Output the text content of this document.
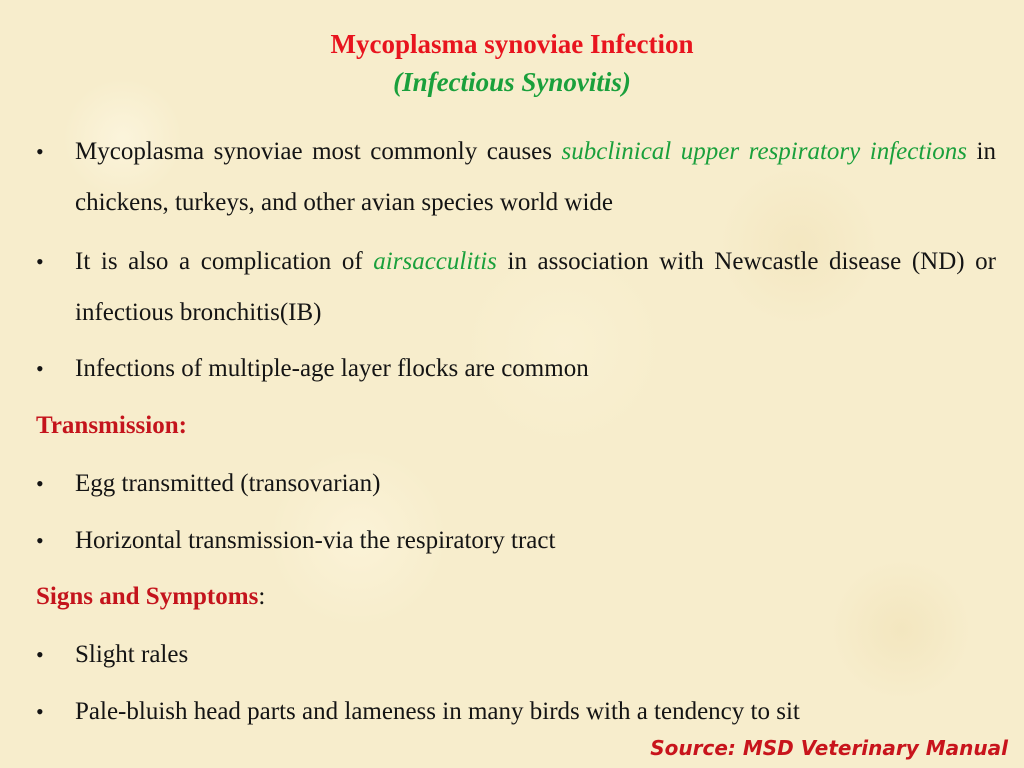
Mycoplasma synoviae Infection
(Infectious Synovitis)
•	Mycoplasma synoviae most commonly causes subclinical upper respiratory infections in chickens, turkeys, and other avian species world wide
•	It is also a complication of airsacculitis in association with Newcastle disease (ND) or infectious bronchitis(IB)
•	Infections of multiple-age layer flocks are common
Transmission:
•	Egg transmitted (transovarian)
•	Horizontal transmission-via the respiratory tract
Signs and Symptoms:
•	Slight rales
•	Pale-bluish head parts and lameness in many birds with a tendency to sit
Source: MSD Veterinary Manual
